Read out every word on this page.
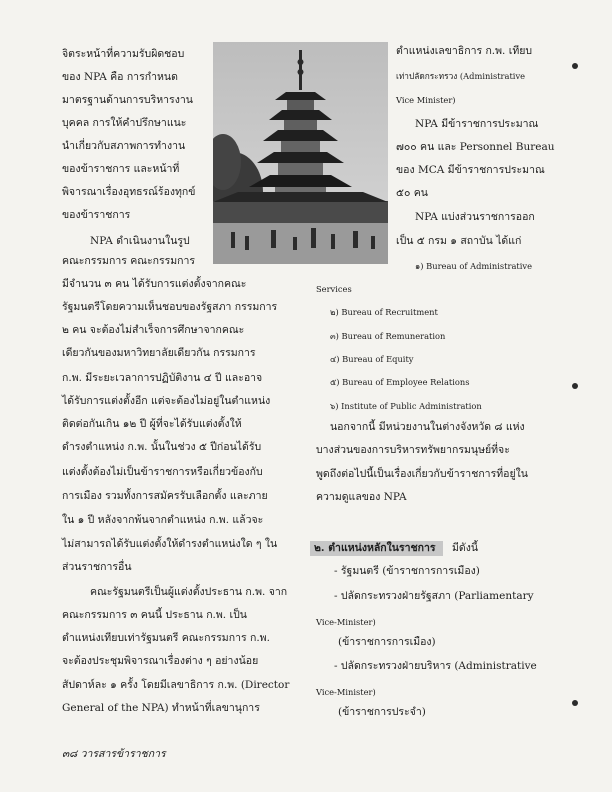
จิตระหน้าที่ความรับผิดชอบ
ของ NPA คือ การกำหนด
มาตรฐานด้านการบริหารงาน
บุคคล การให้คำปรึกษาแนะ
นำเกี่ยวกับสภาพการทำงาน
ของข้าราชการ และหน้าที่
พิจารณาเรื่องอุทธรณ์ร้องทุกข์
ของข้าราชการ
NPA ดำเนินงานในรูป
คณะกรรมการ คณะกรรมการ
มีจำนวน ๓ คน ได้รับการแต่งตั้งจากคณะ
รัฐมนตรีโดยความเห็นชอบของรัฐสภา กรรมการ
๒ คน จะต้องไม่สำเร็จการศึกษาจากคณะ
เดียวกันของมหาวิทยาลัยเดียวกัน กรรมการ
ก.พ. มีระยะเวลาการปฏิบัติงาน ๔ ปี และอาจ
ได้รับการแต่งตั้งอีก แต่จะต้องไม่อยู่ในตำแหน่ง
ติดต่อกันเกิน ๑๒ ปี ผู้ที่จะได้รับแต่งตั้งให้
ดำรงตำแหน่ง ก.พ. นั้นในช่วง ๕ ปีก่อนได้รับ
แต่งตั้งต้องไม่เป็นข้าราชการหรือเกี่ยวข้องกับ
การเมือง รวมทั้งการสมัครรับเลือกตั้ง และภาย
ใน ๑ ปี หลังจากพ้นจากตำแหน่ง ก.พ. แล้วจะ
ไม่สามารถได้รับแต่งตั้งให้ดำรงตำแหน่งใด ๆ ใน
ส่วนราชการอื่น
คณะรัฐมนตรีเป็นผู้แต่งตั้งประธาน ก.พ. จาก
คณะกรรมการ ๓ คนนี้ ประธาน ก.พ. เป็น
ตำแหน่งเทียบเท่ารัฐมนตรี คณะกรรมการ ก.พ.
จะต้องประชุมพิจารณาเรื่องต่าง ๆ อย่างน้อย
สัปดาห์ละ ๑ ครั้ง โดยมีเลขาธิการ ก.พ. (Director
General of the NPA) ทำหน้าที่เลขานุการ
ตำแหน่งเลขาธิการ ก.พ. เทียบ
เท่าปลัดกระทรวง (Administrative
Vice Minister)
NPA มีข้าราชการประมาณ
๗๐๐ คน และ Personnel Bureau
ของ MCA มีข้าราชการประมาณ
๕๐ คน
NPA แบ่งส่วนราชการออก
เป็น ๕ กรม ๑ สถาบัน ได้แก่
๑) Bureau of Administrative
Services
๒) Bureau of Recruitment
๓) Bureau of Remuneration
๔) Bureau of Equity
๕) Bureau of Employee Relations
๖) Institute of Public Administration
นอกจากนี้ มีหน่วยงานในต่างจังหวัด ๘ แห่ง
บางส่วนของการบริหารทรัพยากรมนุษย์ที่จะ
พูดถึงต่อไปนี้เป็นเรื่องเกี่ยวกับข้าราชการที่อยู่ใน
ความดูแลของ NPA
๒. ตำแหน่งหลักในราชการ มีดังนี้
- รัฐมนตรี (ข้าราชการการเมือง)
- ปลัดกระทรวงฝ่ายรัฐสภา (Parliamentary
Vice-Minister)
(ข้าราชการการเมือง)
- ปลัดกระทรวงฝ่ายบริหาร (Administrative
Vice-Minister)
(ข้าราชการประจำ)
๓๘ วารสารข้าราชการ
